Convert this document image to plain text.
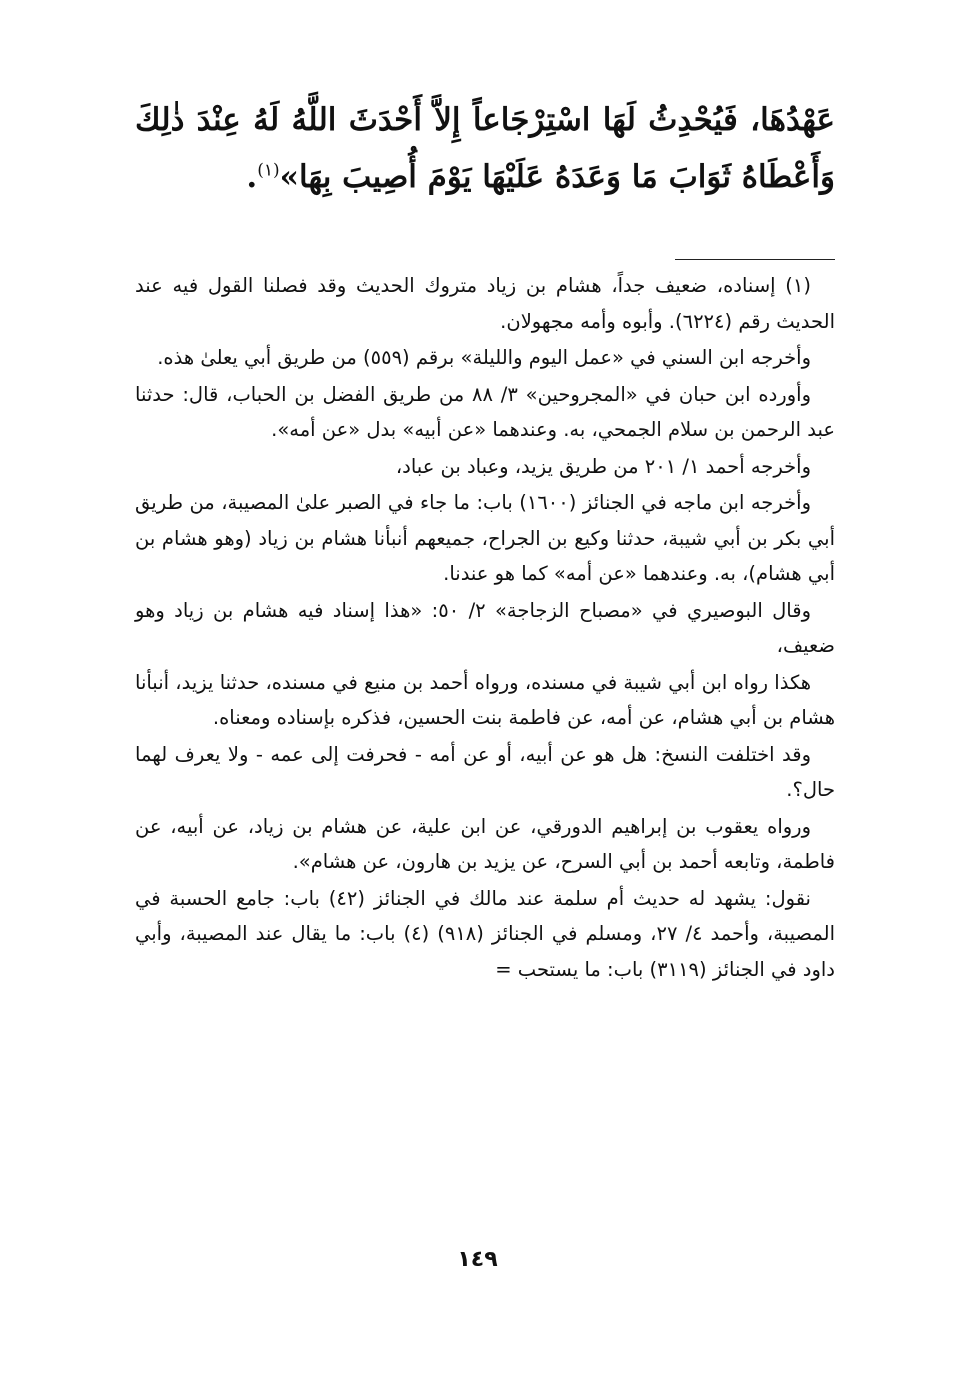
عَهْدُهَا، فَيُحْدِثُ لَهَا اسْتِرْجَاعاً إِلاَّ أَحْدَثَ اللَّهُ لَهُ عِنْدَ ذٰلِكَ وَأَعْطَاهُ ثَوَابَ مَا وَعَدَهُ عَلَيْهَا يَوْمَ أُصِيبَ بِهَا»$^{(١)}$.

(١) إسناده، ضعيف جداً، هشام بن زياد متروك الحديث وقد فصلنا القول فيه عند الحديث رقم (٦٢٢٤). وأبوه وأمه مجهولان.

وأخرجه ابن السني في «عمل اليوم والليلة» برقم (٥٥٩) من طريق أبي يعلىٰ هذه.

وأورده ابن حبان في «المجروحين» ٣/ ٨٨ من طريق الفضل بن الحباب، قال: حدثنا عبد الرحمن بن سلام الجمحي، به. وعندهما «عن أبيه» بدل «عن أمه».

وأخرجه أحمد ١/ ٢٠١ من طريق يزيد، وعباد بن عباد،

وأخرجه ابن ماجه في الجنائز (١٦٠٠) باب: ما جاء في الصبر علىٰ المصيبة، من طريق أبي بكر بن أبي شيبة، حدثنا وكيع بن الجراح، جميعهم أنبأنا هشام بن زياد (وهو هشام بن أبي هشام)، به. وعندهما «عن أمه» كما هو عندنا.

وقال البوصيري في «مصباح الزجاجة» ٢/ ٥٠: «هذا إسناد فيه هشام بن زياد وهو ضعيف،

هكذا رواه ابن أبي شيبة في مسنده، ورواه أحمد بن منيع في مسنده، حدثنا يزيد، أنبأنا هشام بن أبي هشام، عن أمه، عن فاطمة بنت الحسين، فذكره بإسناده ومعناه.

وقد اختلفت النسخ: هل هو عن أبيه، أو عن أمه - فحرفت إلى عمه - ولا يعرف لهما حال؟.

ورواه يعقوب بن إبراهيم الدورقي، عن ابن علية، عن هشام بن زياد، عن أبيه، عن فاطمة، وتابعه أحمد بن أبي السرح، عن يزيد بن هارون، عن هشام».

نقول: يشهد له حديث أم سلمة عند مالك في الجنائز (٤٢) باب: جامع الحسبة في المصيبة، وأحمد ٤/ ٢٧، ومسلم في الجنائز (٩١٨) (٤) باب: ما يقال عند المصيبة، وأبي داود في الجنائز (٣١١٩) باب: ما يستحب =

١٤٩
